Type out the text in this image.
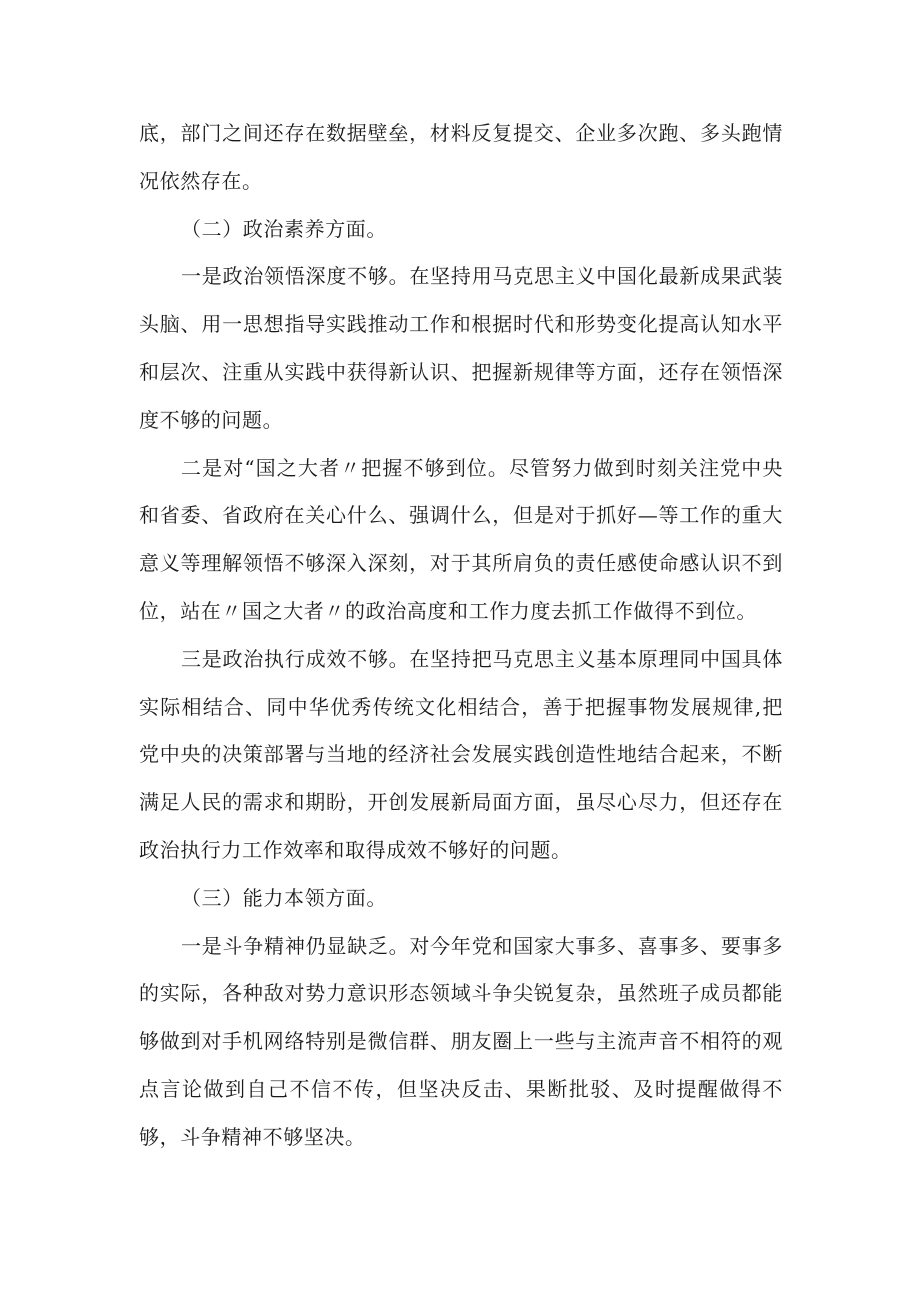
底，部门之间还存在数据壁垒，材料反复提交、企业多次跑、多头跑情况依然存在。

（二）政治素养方面。

一是政治领悟深度不够。在坚持用马克思主义中国化最新成果武装头脑、用一思想指导实践推动工作和根据时代和形势变化提高认知水平和层次、注重从实践中获得新认识、把握新规律等方面，还存在领悟深度不够的问题。

二是对“国之大者〃把握不够到位。尽管努力做到时刻关注党中央和省委、省政府在关心什么、强调什么，但是对于抓好—等工作的重大意义等理解领悟不够深入深刻，对于其所肩负的责任感使命感认识不到位，站在〃国之大者〃的政治高度和工作力度去抓工作做得不到位。

三是政治执行成效不够。在坚持把马克思主义基本原理同中国具体实际相结合、同中华优秀传统文化相结合，善于把握事物发展规律,把党中央的决策部署与当地的经济社会发展实践创造性地结合起来，不断满足人民的需求和期盼，开创发展新局面方面，虽尽心尽力，但还存在政治执行力工作效率和取得成效不够好的问题。

（三）能力本领方面。

一是斗争精神仍显缺乏。对今年党和国家大事多、喜事多、要事多的实际，各种敌对势力意识形态领域斗争尖锐复杂，虽然班子成员都能够做到对手机网络特别是微信群、朋友圈上一些与主流声音不相符的观点言论做到自己不信不传，但坚决反击、果断批驳、及时提醒做得不够，斗争精神不够坚决。
